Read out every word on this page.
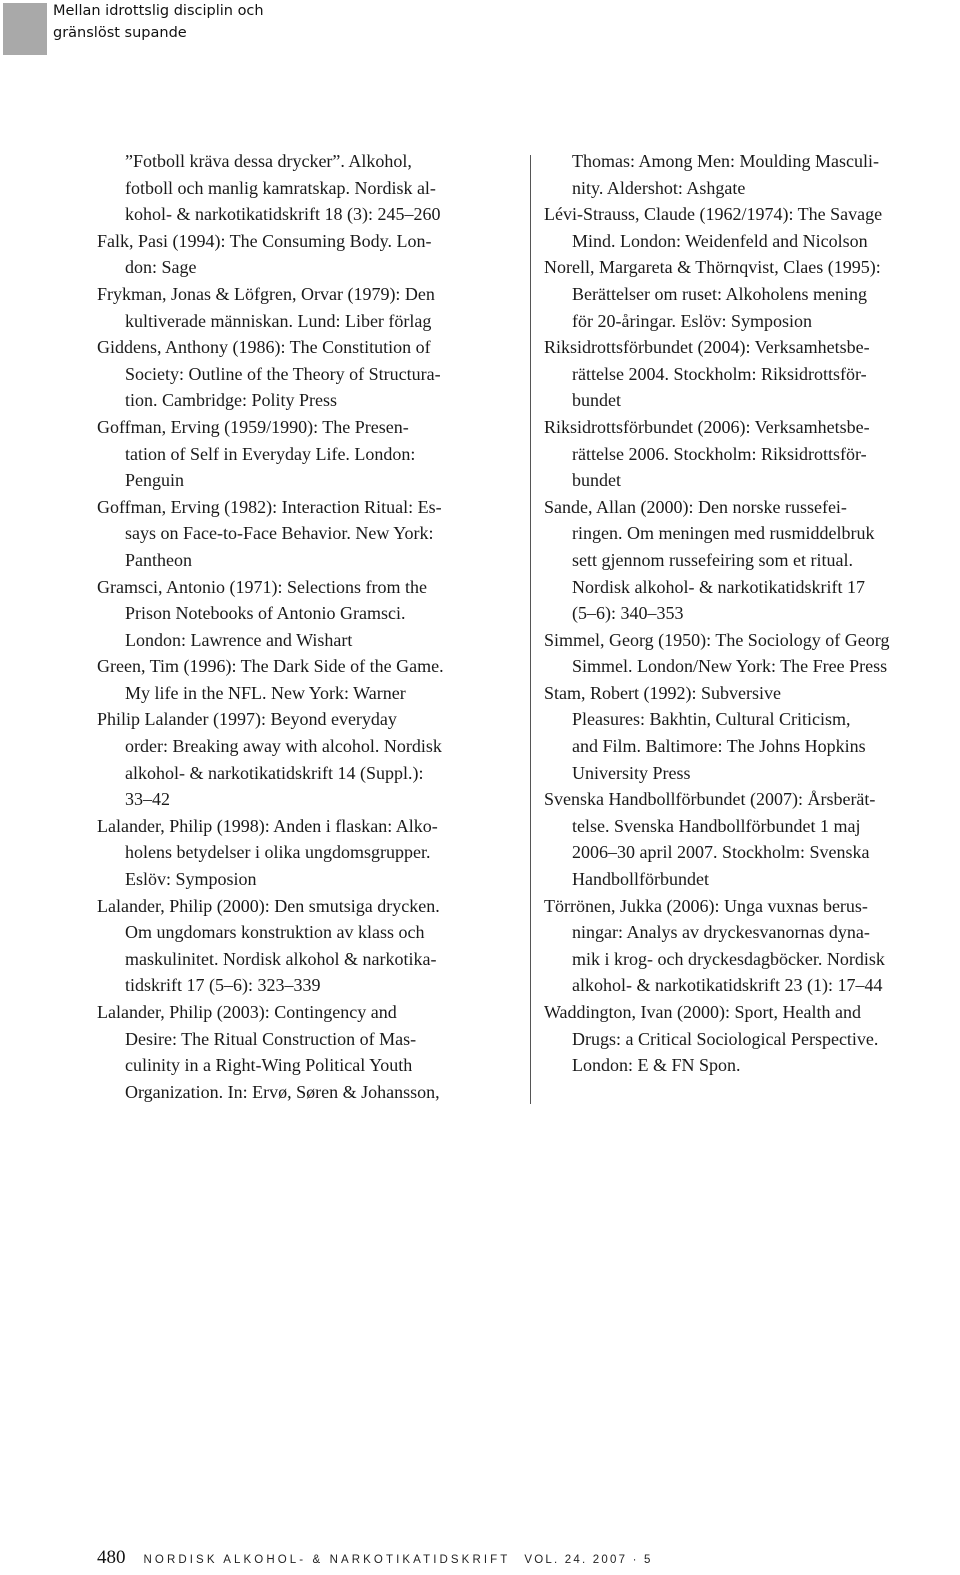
Mellan idrottslig disciplin och
gränslöst supande
”Fotboll kräva dessa drycker”. Alkohol,
fotboll och manlig kamratskap. Nordisk al-
kohol- & narkotikatidskrift 18 (3): 245–260
Falk, Pasi (1994): The Consuming Body. Lon-
don: Sage
Frykman, Jonas & Löfgren, Orvar (1979): Den
kultiverade människan. Lund: Liber förlag
Giddens, Anthony (1986): The Constitution of
Society: Outline of the Theory of Structura-
tion. Cambridge: Polity Press
Goffman, Erving (1959/1990): The Presen-
tation of Self in Everyday Life. London:
Penguin
Goffman, Erving (1982): Interaction Ritual: Es-
says on Face-to-Face Behavior. New York:
Pantheon
Gramsci, Antonio (1971): Selections from the
Prison Notebooks of Antonio Gramsci.
London: Lawrence and Wishart
Green, Tim (1996): The Dark Side of the Game.
My life in the NFL. New York: Warner
Philip Lalander (1997): Beyond everyday
order: Breaking away with alcohol. Nordisk
alkohol- & narkotikatidskrift 14 (Suppl.):
33–42
Lalander, Philip (1998): Anden i flaskan: Alko-
holens betydelser i olika ungdomsgrupper.
Eslöv: Symposion
Lalander, Philip (2000): Den smutsiga drycken.
Om ungdomars konstruktion av klass och
maskulinitet. Nordisk alkohol & narkotika-
tidskrift 17 (5–6): 323–339
Lalander, Philip (2003): Contingency and
Desire: The Ritual Construction of Mas-
culinity in a Right-Wing Political Youth
Organization. In: Ervø, Søren & Johansson,
Thomas: Among Men: Moulding Masculi-
nity. Aldershot: Ashgate
Lévi-Strauss, Claude (1962/1974): The Savage
Mind. London: Weidenfeld and Nicolson
Norell, Margareta & Thörnqvist, Claes (1995):
Berättelser om ruset: Alkoholens mening
för 20-åringar. Eslöv: Symposion
Riksidrottsförbundet (2004): Verksamhetsbe-
rättelse 2004. Stockholm: Riksidrottsför-
bundet
Riksidrottsförbundet (2006): Verksamhetsbe-
rättelse 2006. Stockholm: Riksidrottsför-
bundet
Sande, Allan (2000): Den norske russefei-
ringen. Om meningen med rusmiddelbruk
sett gjennom russefeiring som et ritual.
Nordisk alkohol- & narkotikatidskrift 17
(5–6): 340–353
Simmel, Georg (1950): The Sociology of Georg
Simmel. London/New York: The Free Press
Stam, Robert (1992): Subversive
Pleasures: Bakhtin, Cultural Criticism,
and Film. Baltimore: The Johns Hopkins
University Press
Svenska Handbollförbundet (2007): Årsberät-
telse. Svenska Handbollförbundet 1 maj
2006–30 april 2007. Stockholm: Svenska
Handbollförbundet
Törrönen, Jukka (2006): Unga vuxnas berus-
ningar: Analys av dryckesvanornas dyna-
mik i krog- och dryckesdagböcker. Nordisk
alkohol- & narkotikatidskrift 23 (1): 17–44
Waddington, Ivan (2000): Sport, Health and
Drugs: a Critical Sociological Perspective.
London: E & FN Spon.
480 NORDISK ALKOHOL- & NARKOTIKATIDSKRIFT VOL. 24. 2007 · 5
